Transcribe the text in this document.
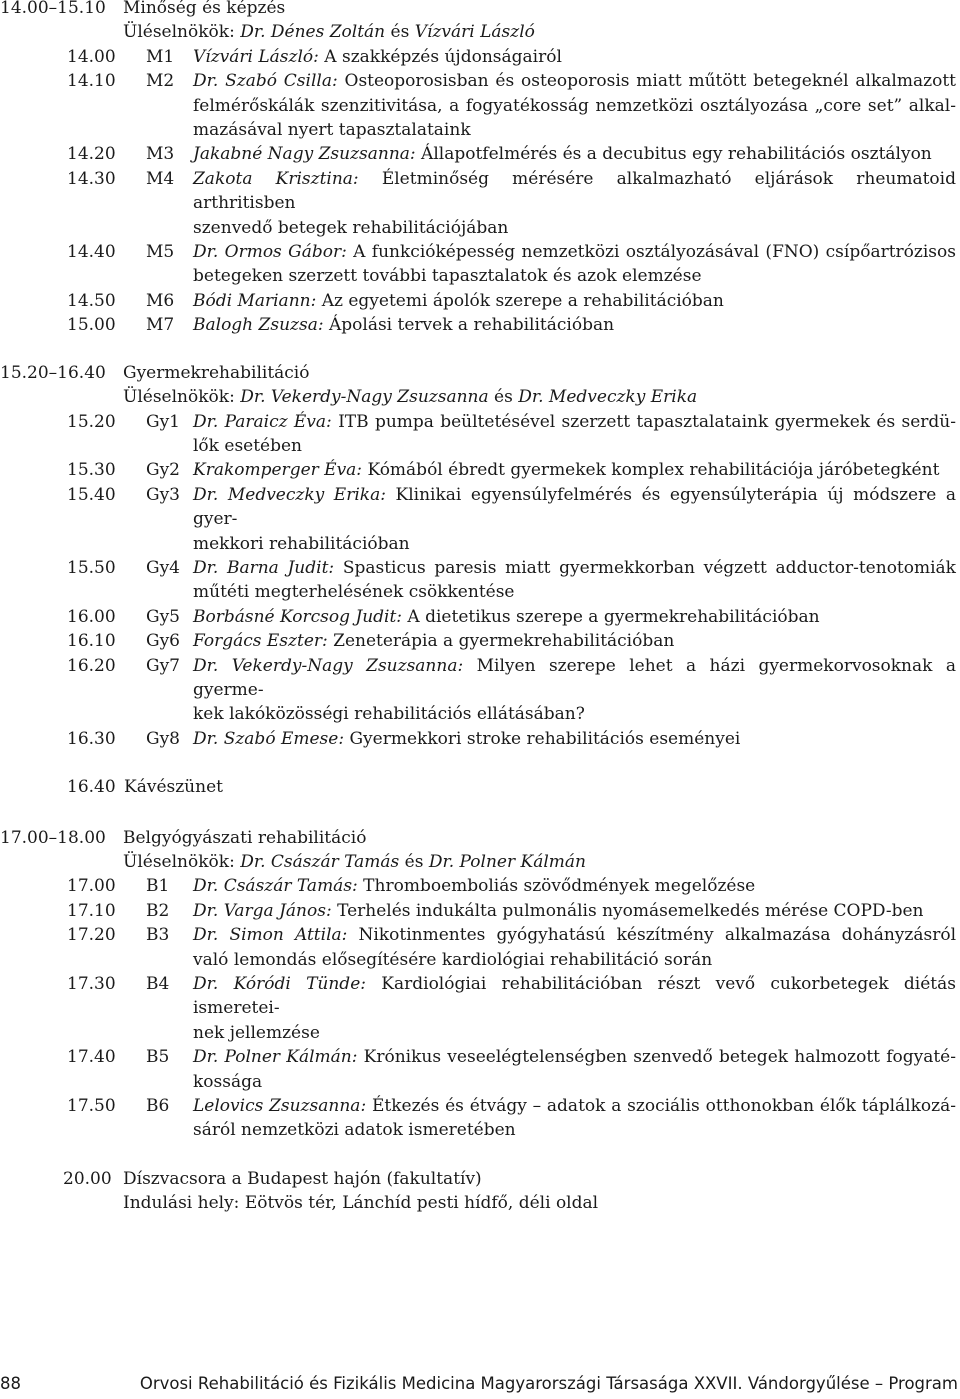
14.00–15.10 Minőség és képzés
Üléselnökök: Dr. Dénes Zoltán és Vízvári László
14.00 M1 Vízvári László: A szakképzés újdonságairól
14.10 M2 Dr. Szabó Csilla: Osteoporosisban és osteoporosis miatt műtött betegeknél alkalmazott
felmérőskálák szenzitivitása, a fogyatékosság nemzetközi osztályozása „core set” alkal-
mazásával nyert tapasztalataink
14.20 M3 Jakabné Nagy Zsuzsanna: Állapotfelmérés és a decubitus egy rehabilitációs osztályon
14.30 M4 Zakota Krisztina: Életminőség mérésére alkalmazható eljárások rheumatoid arthritisben
szenvedő betegek rehabilitációjában
14.40 M5 Dr. Ormos Gábor: A funkcióképesség nemzetközi osztályozásával (FNO) csípőartrózisos
betegeken szerzett további tapasztalatok és azok elemzése
14.50 M6 Bódi Mariann: Az egyetemi ápolók szerepe a rehabilitációban
15.00 M7 Balogh Zsuzsa: Ápolási tervek a rehabilitációban
15.20–16.40 Gyermekrehabilitáció
Üléselnökök: Dr. Vekerdy-Nagy Zsuzsanna és Dr. Medveczky Erika
15.20 Gy1 Dr. Paraicz Éva: ITB pumpa beültetésével szerzett tapasztalataink gyermekek és serdü-
lők esetében
15.30 Gy2 Krakomperger Éva: Kómából ébredt gyermekek komplex rehabilitációja járóbetegként
15.40 Gy3 Dr. Medveczky Erika: Klinikai egyensúlyfelmérés és egyensúlyterápia új módszere a gyer-
mekkori rehabilitációban
15.50 Gy4 Dr. Barna Judit: Spasticus paresis miatt gyermekkorban végzett adductor-tenotomiák
műtéti megterhelésének csökkentése
16.00 Gy5 Borbásné Korcsog Judit: A dietetikus szerepe a gyermekrehabilitációban
16.10 Gy6 Forgács Eszter: Zeneterápia a gyermekrehabilitációban
16.20 Gy7 Dr. Vekerdy-Nagy Zsuzsanna: Milyen szerepe lehet a házi gyermekorvosoknak a gyerme-
kek lakóközösségi rehabilitációs ellátásában?
16.30 Gy8 Dr. Szabó Emese: Gyermekkori stroke rehabilitációs eseményei
16.40 Kávészünet
17.00–18.00 Belgyógyászati rehabilitáció
Üléselnökök: Dr. Császár Tamás és Dr. Polner Kálmán
17.00 B1 Dr. Császár Tamás: Thromboemboliás szövődmények megelőzése
17.10 B2 Dr. Varga János: Terhelés indukálta pulmonális nyomásemelkedés mérése COPD-ben
17.20 B3 Dr. Simon Attila: Nikotinmentes gyógyhatású készítmény alkalmazása dohányzásról
való lemondás elősegítésére kardiológiai rehabilitáció során
17.30 B4 Dr. Kóródi Tünde: Kardiológiai rehabilitációban részt vevő cukorbetegek diétás ismeretei-
nek jellemzése
17.40 B5 Dr. Polner Kálmán: Krónikus veseelégtelenségben szenvedő betegek halmozott fogyaté-
kossága
17.50 B6 Lelovics Zsuzsanna: Étkezés és étvágy – adatok a szociális otthonokban élők táplálkozá-
sáról nemzetközi adatok ismeretében
20.00 Díszvacsora a Budapest hajón (fakultatív)
Indulási hely: Eötvös tér, Lánchíd pesti hídfő, déli oldal
88	Orvosi Rehabilitáció és Fizikális Medicina Magyarországi Társasága XXVII. Vándorgyűlése – Program
